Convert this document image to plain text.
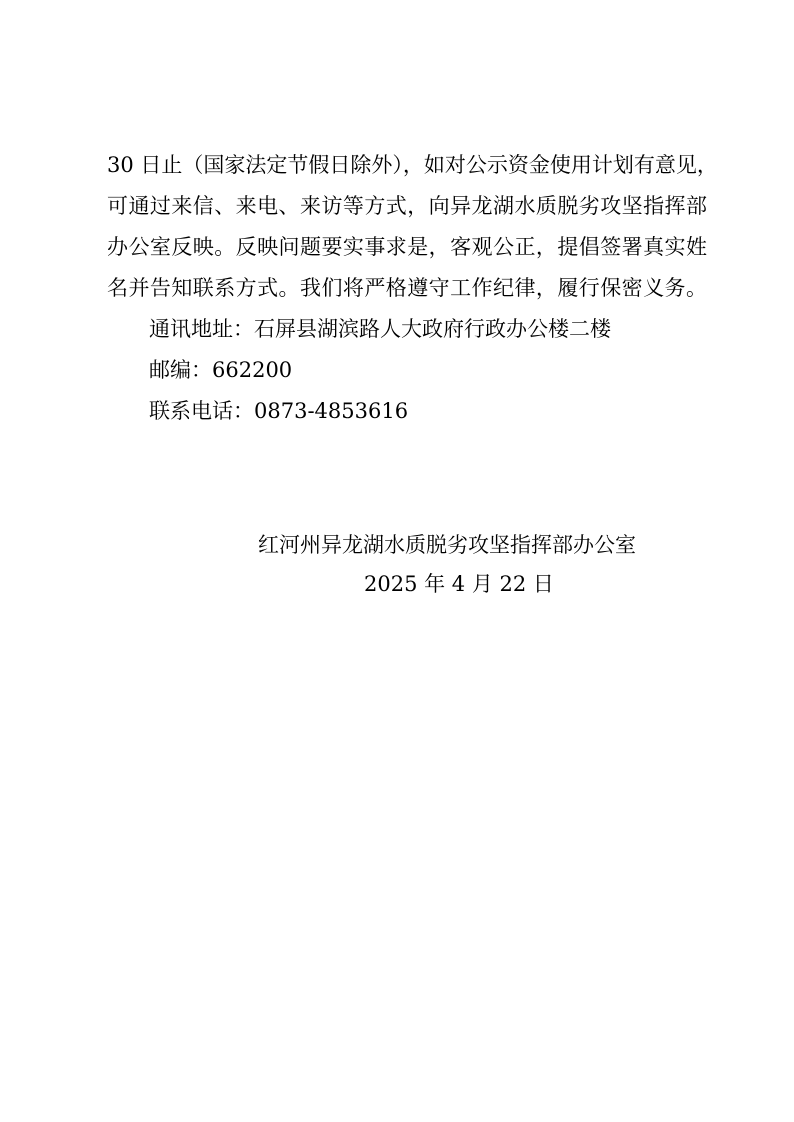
30 日止（国家法定节假日除外），如对公示资金使用计划有意见，
可通过来信、来电、来访等方式，向异龙湖水质脱劣攻坚指挥部
办公室反映。反映问题要实事求是，客观公正，提倡签署真实姓
名并告知联系方式。我们将严格遵守工作纪律，履行保密义务。
通讯地址：石屏县湖滨路人大政府行政办公楼二楼
邮编：662200
联系电话：0873-4853616
红河州异龙湖水质脱劣攻坚指挥部办公室
2025 年 4 月 22 日
